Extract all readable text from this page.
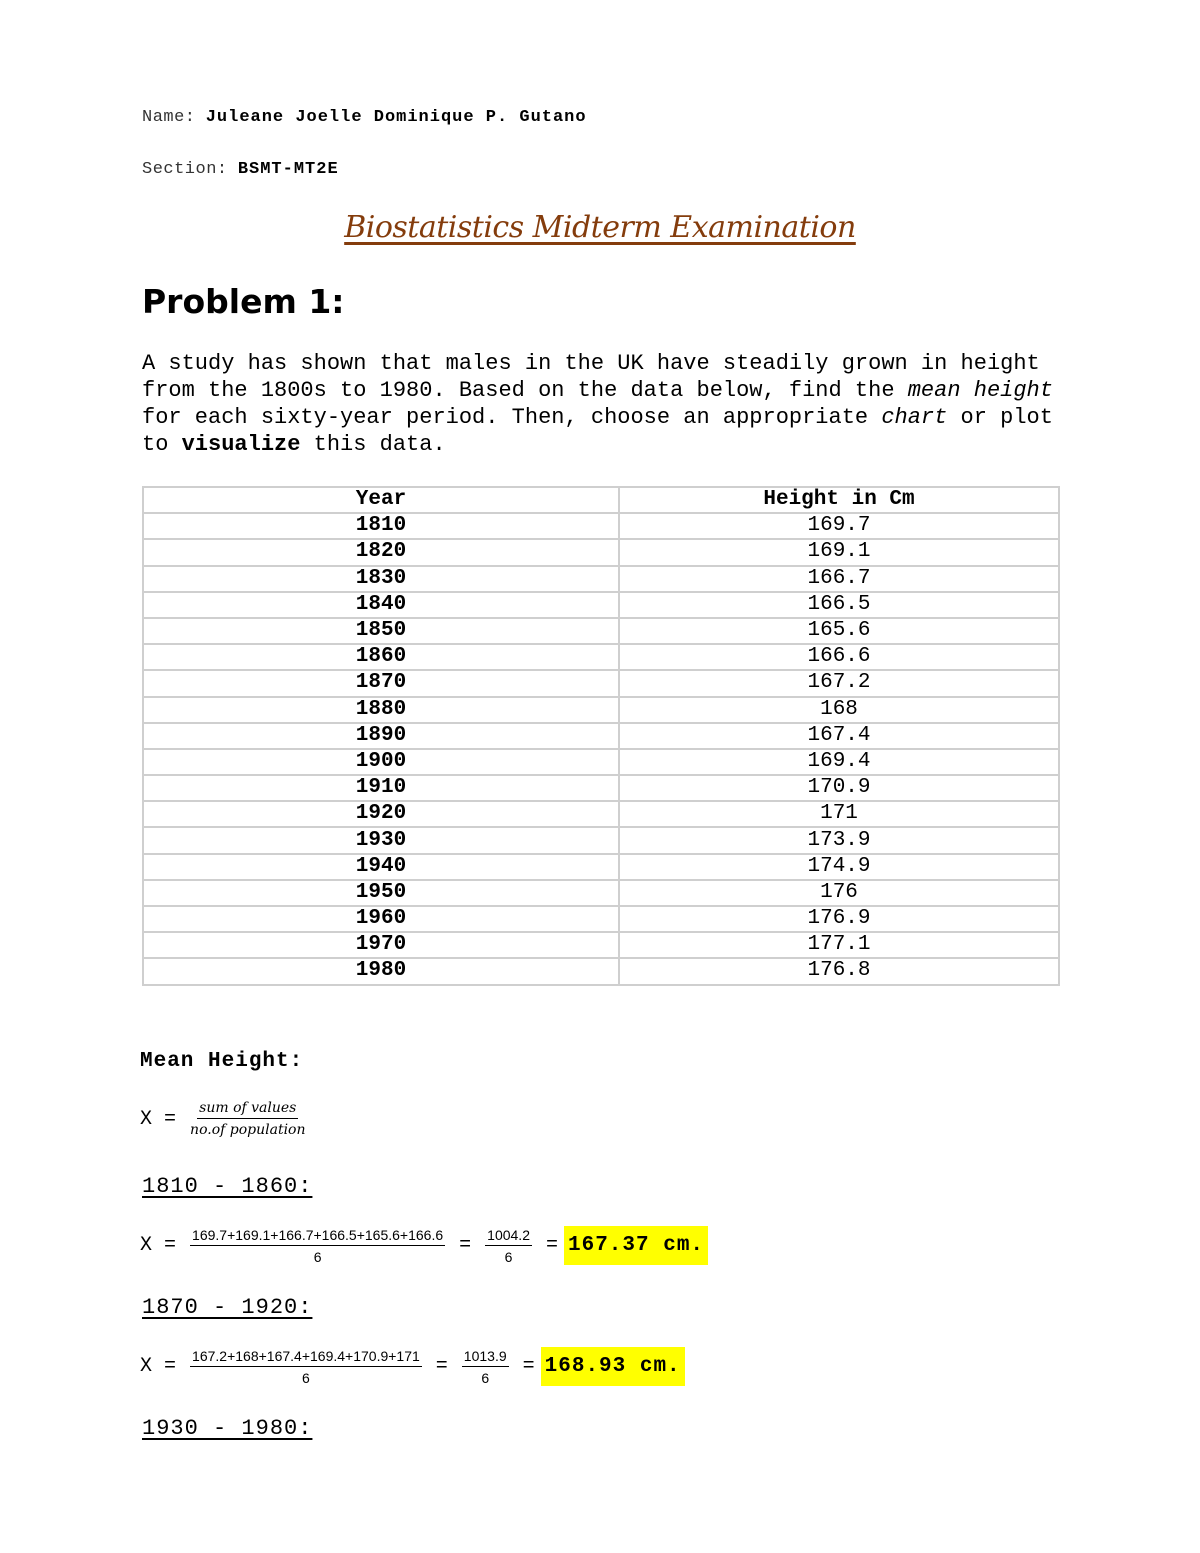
Name: Juleane Joelle Dominique P. Gutano
Section: BSMT-MT2E
Biostatistics Midterm Examination
Problem 1:
A study has shown that males in the UK have steadily grown in height from the 1800s to 1980. Based on the data below, find the mean height for each sixty-year period. Then, choose an appropriate chart or plot to visualize this data.
Year	Height in Cm
1810	169.7
1820	169.1
1830	166.7
1840	166.5
1850	165.6
1860	166.6
1870	167.2
1880	168
1890	167.4
1900	169.4
1910	170.9
1920	171
1930	173.9
1940	174.9
1950	176
1960	176.9
1970	177.1
1980	176.8
Mean Height:
$X = \frac{\text{sum of values}}{\text{no.of population}}$
1810 - 1860:
$X = \frac{169.7+169.1+166.7+166.5+165.6+166.6}{6} = \frac{1004.2}{6} = 167.37$ cm.
1870 - 1920:
$X = \frac{167.2+168+167.4+169.4+170.9+171}{6} = \frac{1013.9}{6} = 168.93$ cm.
1930 - 1980:
